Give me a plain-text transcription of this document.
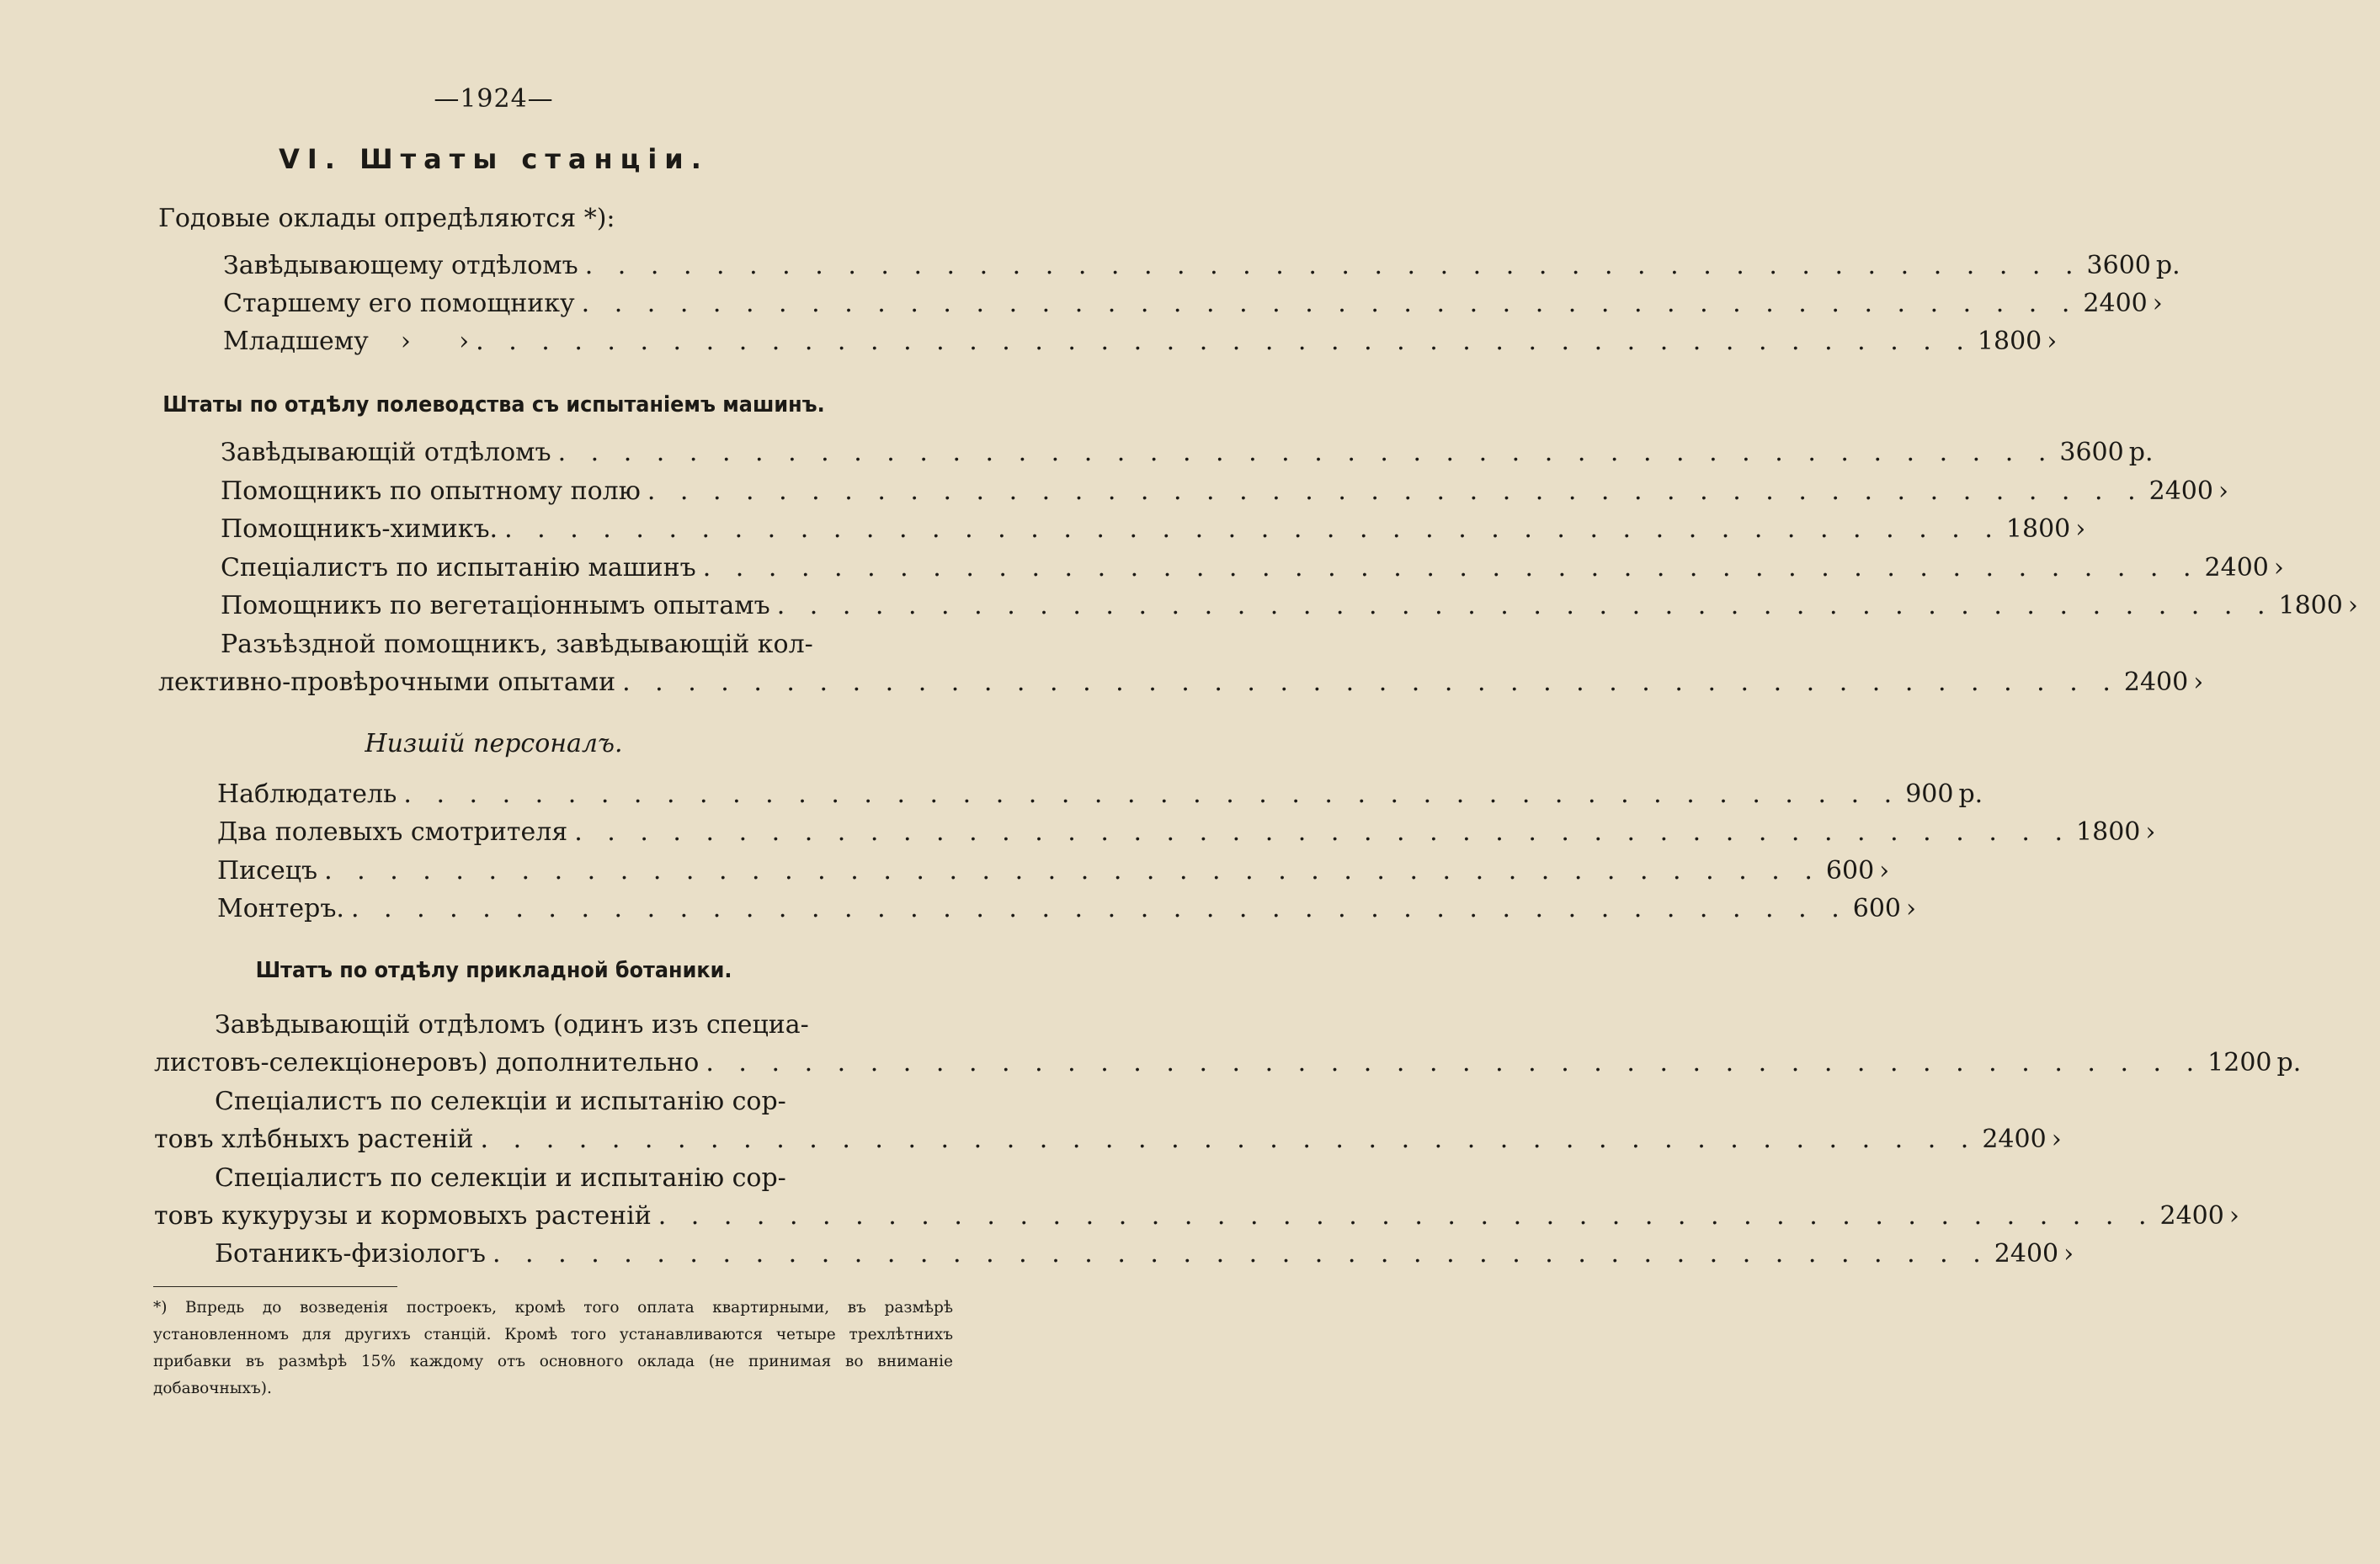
—1924—
VI. Штаты станціи.
Годовые оклады опредѣляются *):
Завѣдывающему отдѣломъ . . . . . . . . . . . . . . . . . . . . . . . . . . . . . . . . . . . . . . . . . . . . . . 3600 р.
Старшему его помощнику . . . . . . . . . . . . . . . . . . . . . . . . . . . . . . . . . . . . . . . . . . . . . . 2400 ›
Младшему    ›      › . . . . . . . . . . . . . . . . . . . . . . . . . . . . . . . . . . . . . . . . . . . . . . 1800 ›
Штаты по отдѣлу полеводства съ испытаніемъ машинъ.
Завѣдывающій отдѣломъ . . . . . . . . . . . . . . . . . . . . . . . . . . . . . . . . . . . . . . . . . . . . . . 3600 р.
Помощникъ по опытному полю . . . . . . . . . . . . . . . . . . . . . . . . . . . . . . . . . . . . . . . . . . . . . . 2400 ›
Помощникъ-химикъ. . . . . . . . . . . . . . . . . . . . . . . . . . . . . . . . . . . . . . . . . . . . . . . 1800 ›
Спеціалистъ по испытанію машинъ . . . . . . . . . . . . . . . . . . . . . . . . . . . . . . . . . . . . . . . . . . . . . . 2400 ›
Помощникъ по вегетаціоннымъ опытамъ . . . . . . . . . . . . . . . . . . . . . . . . . . . . . . . . . . . . . . . . . . . . . . 1800 ›
Разъѣздной помощникъ, завѣдывающій кол-
лективно-провѣрочными опытами . . . . . . . . . . . . . . . . . . . . . . . . . . . . . . . . . . . . . . . . . . . . . . 2400 ›
Низшій персоналъ.
Наблюдатель . . . . . . . . . . . . . . . . . . . . . . . . . . . . . . . . . . . . . . . . . . . . . . 900 р.
Два полевыхъ смотрителя . . . . . . . . . . . . . . . . . . . . . . . . . . . . . . . . . . . . . . . . . . . . . . 1800 ›
Писецъ . . . . . . . . . . . . . . . . . . . . . . . . . . . . . . . . . . . . . . . . . . . . . . 600 ›
Монтеръ. . . . . . . . . . . . . . . . . . . . . . . . . . . . . . . . . . . . . . . . . . . . . . . 600 ›
Штатъ по отдѣлу прикладной ботаники.
Завѣдывающій отдѣломъ (одинъ изъ специа-
листовъ-селекціонеровъ) дополнительно . . . . . . . . . . . . . . . . . . . . . . . . . . . . . . . . . . . . . . . . . . . . . . 1200 р.
Спеціалистъ по селекціи и испытанію сор-
товъ хлѣбныхъ растеній . . . . . . . . . . . . . . . . . . . . . . . . . . . . . . . . . . . . . . . . . . . . . . 2400 ›
Спеціалистъ по селекціи и испытанію сор-
товъ кукурузы и кормовыхъ растеній . . . . . . . . . . . . . . . . . . . . . . . . . . . . . . . . . . . . . . . . . . . . . . 2400 ›
Ботаникъ-физіологъ . . . . . . . . . . . . . . . . . . . . . . . . . . . . . . . . . . . . . . . . . . . . . . 2400 ›
*) Впредь до возведенія построекъ, кромѣ того оплата квартирными, въ размѣрѣ установленномъ для другихъ станцій. Кромѣ того устанавливаются четыре трехлѣтнихъ прибавки въ размѣрѣ 15% каждому отъ основного оклада (не принимая во вниманіе добавочныхъ).
